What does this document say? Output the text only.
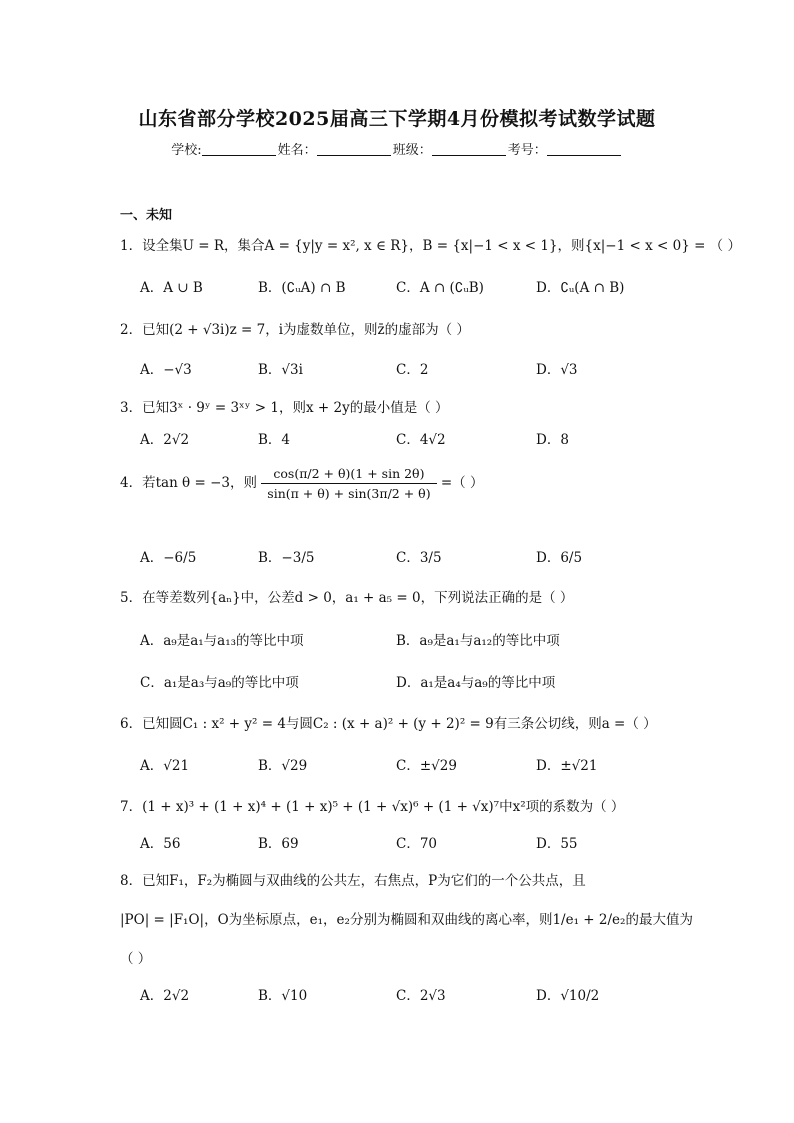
山东省部分学校2025届高三下学期4月份模拟考试数学试题
学校:	姓名：	班级：	考号：
一、未知
1．设全集U = R，集合A = {y|y = x², x ∈ R}，B = {x|−1 < x < 1}，则{x|−1 < x < 0} = （ ）
A．A ∪ B	B．(∁ᵤA) ∩ B	C．A ∩ (∁ᵤB)	D．∁ᵤ(A ∩ B)
2．已知(2 + √3i)z = 7，i为虚数单位，则z̄的虚部为（ ）
A．−√3	B．√3i	C．2	D．√3
3．已知3ˣ · 9ʸ = 3ˣʸ > 1，则x + 2y的最小值是（ ）
A．2√2	B．4	C．4√2	D．8
4．若tan θ = −3，则 $\frac{\cos(\pi/2 + \theta)(1 + \sin 2\theta)}{\sin(\pi + \theta) + \sin(3\pi/2 + \theta)}$ =（ ）
A．−6/5	B．−3/5	C．3/5	D．6/5
5．在等差数列{aₙ}中，公差d > 0，a₁ + a₅ = 0，下列说法正确的是（ ）
A．a₉是a₁与a₁₃的等比中项	B．a₉是a₁与a₁₂的等比中项
C．a₁是a₃与a₉的等比中项	D．a₁是a₄与a₉的等比中项
6．已知圆C₁ : x² + y² = 4与圆C₂ : (x + a)² + (y + 2)² = 9有三条公切线，则a =（ ）
A．√21	B．√29	C．±√29	D．±√21
7．(1 + x)³ + (1 + x)⁴ + (1 + x)⁵ + (1 + √x)⁶ + (1 + √x)⁷中x²项的系数为（ ）
A．56	B．69	C．70	D．55
8．已知F₁，F₂为椭圆与双曲线的公共左，右焦点，P为它们的一个公共点，且
|PO| = |F₁O|，O为坐标原点，e₁，e₂分别为椭圆和双曲线的离心率，则1/e₁ + 2/e₂的最大值为
（ ）
A．2√2	B．√10	C．2√3	D．√10/2
